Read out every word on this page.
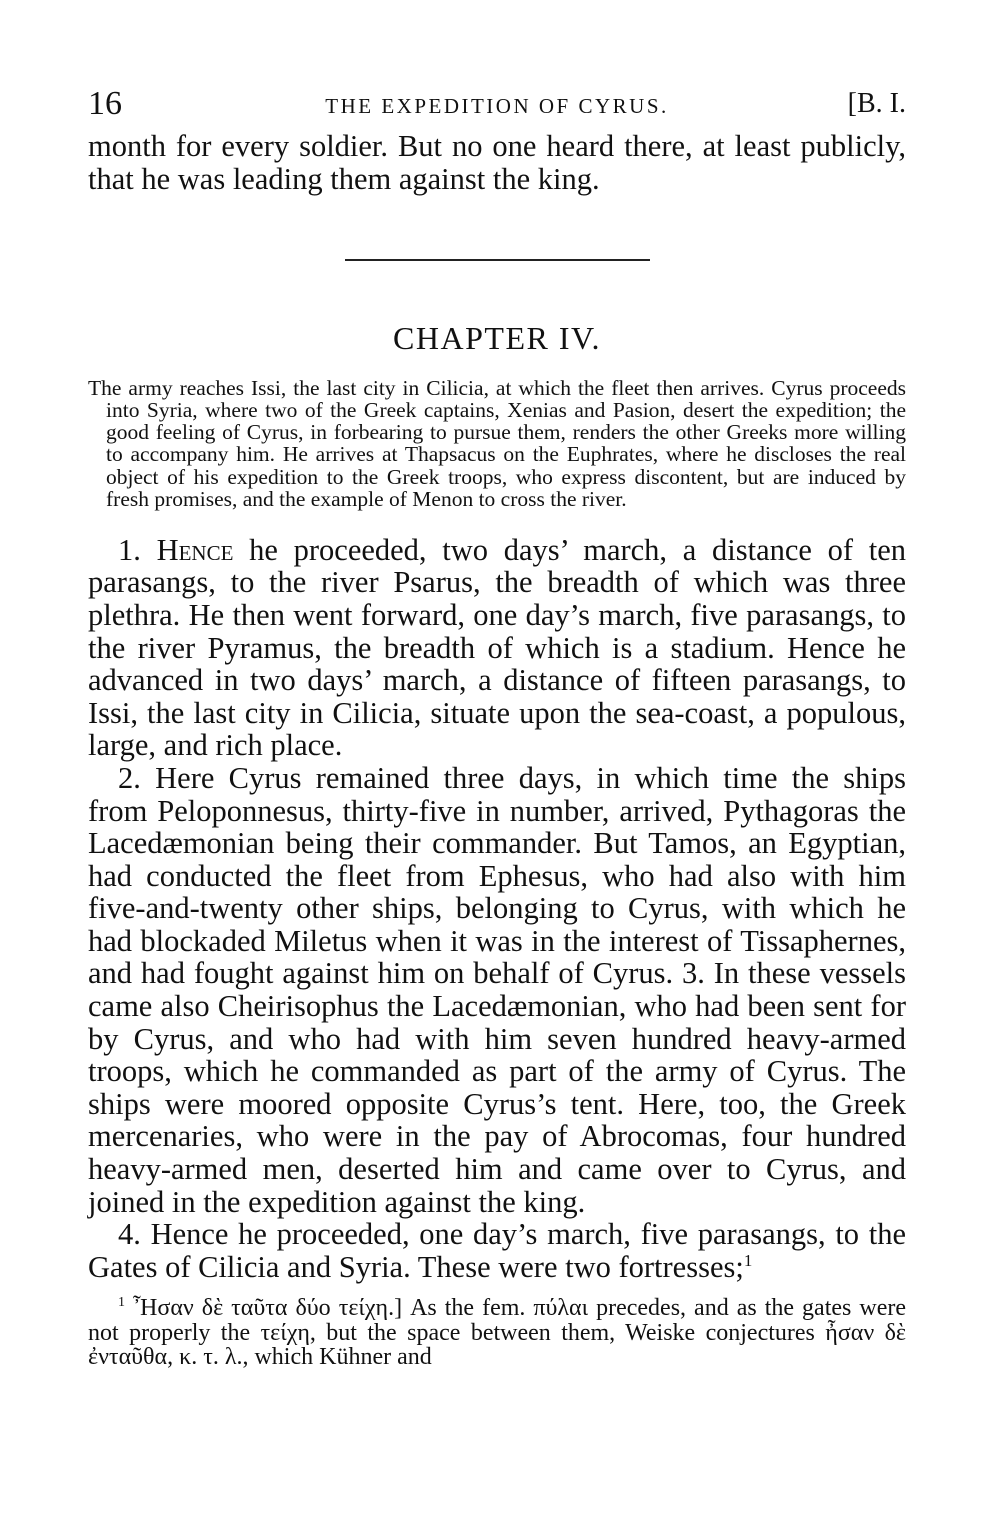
16	THE EXPEDITION OF CYRUS.	[B. I.
month for every soldier. But no one heard there, at least publicly, that he was leading them against the king.
CHAPTER IV.

The army reaches Issi, the last city in Cilicia, at which the fleet then arrives. Cyrus proceeds into Syria, where two of the Greek captains, Xenias and Pasion, desert the expedition; the good feeling of Cyrus, in forbearing to pursue them, renders the other Greeks more willing to accompany him. He arrives at Thapsacus on the Euphrates, where he discloses the real object of his expedition to the Greek troops, who express discontent, but are induced by fresh promises, and the example of Menon to cross the river.

1. Hence he proceeded, two days’ march, a distance of ten parasangs, to the river Psarus, the breadth of which was three plethra. He then went forward, one day’s march, five parasangs, to the river Pyramus, the breadth of which is a stadium. Hence he advanced in two days’ march, a distance of fifteen parasangs, to Issi, the last city in Cilicia, situate upon the sea-coast, a populous, large, and rich place.

2. Here Cyrus remained three days, in which time the ships from Peloponnesus, thirty-five in number, arrived, Pythagoras the Lacedæmonian being their commander. But Tamos, an Egyptian, had conducted the fleet from Ephesus, who had also with him five-and-twenty other ships, belonging to Cyrus, with which he had blockaded Miletus when it was in the interest of Tissaphernes, and had fought against him on behalf of Cyrus. 3. In these vessels came also Cheirisophus the Lacedæmonian, who had been sent for by Cyrus, and who had with him seven hundred heavy-armed troops, which he commanded as part of the army of Cyrus. The ships were moored opposite Cyrus’s tent. Here, too, the Greek mercenaries, who were in the pay of Abrocomas, four hundred heavy-armed men, deserted him and came over to Cyrus, and joined in the expedition against the king.

4. Hence he proceeded, one day’s march, five parasangs, to the Gates of Cilicia and Syria. These were two fortresses;$^1$

$^1$ Ἦσαν δὲ ταῦτα δύο τείχη.] As the fem. πύλαι precedes, and as the gates were not properly the τείχη, but the space between them, Weiske conjectures ἦσαν δὲ ἐνταῦθα, κ. τ. λ., which Kühner and
